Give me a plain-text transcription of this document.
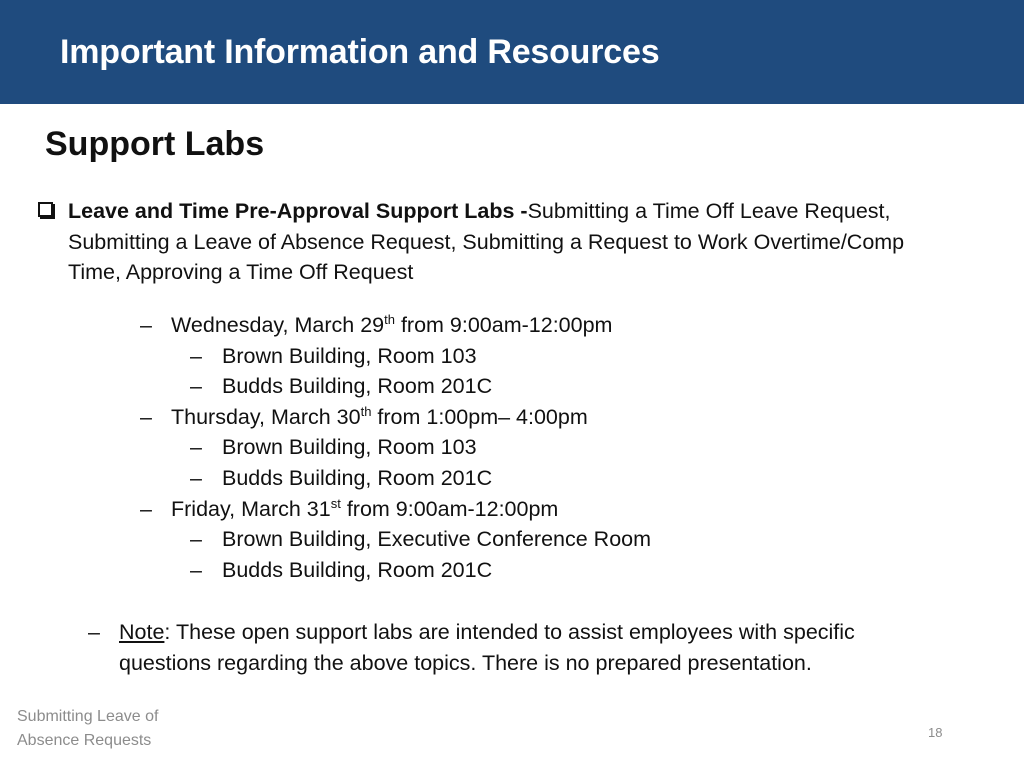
Important Information and Resources
Support Labs
Leave and Time Pre-Approval Support Labs -Submitting a Time Off Leave Request, Submitting a Leave of Absence Request, Submitting a Request to Work Overtime/Comp Time, Approving a Time Off Request
‒ Wednesday, March 29th from 9:00am-12:00pm
‒ Brown Building, Room 103
‒ Budds Building, Room 201C
‒ Thursday, March 30th from 1:00pm– 4:00pm
‒ Brown Building, Room 103
‒ Budds Building, Room 201C
‒ Friday, March 31st from 9:00am-12:00pm
‒ Brown Building, Executive Conference Room
‒ Budds Building, Room 201C
‒ Note: These open support labs are intended to assist employees with specific questions regarding the above topics. There is no prepared presentation.
Submitting Leave of Absence Requests	18
